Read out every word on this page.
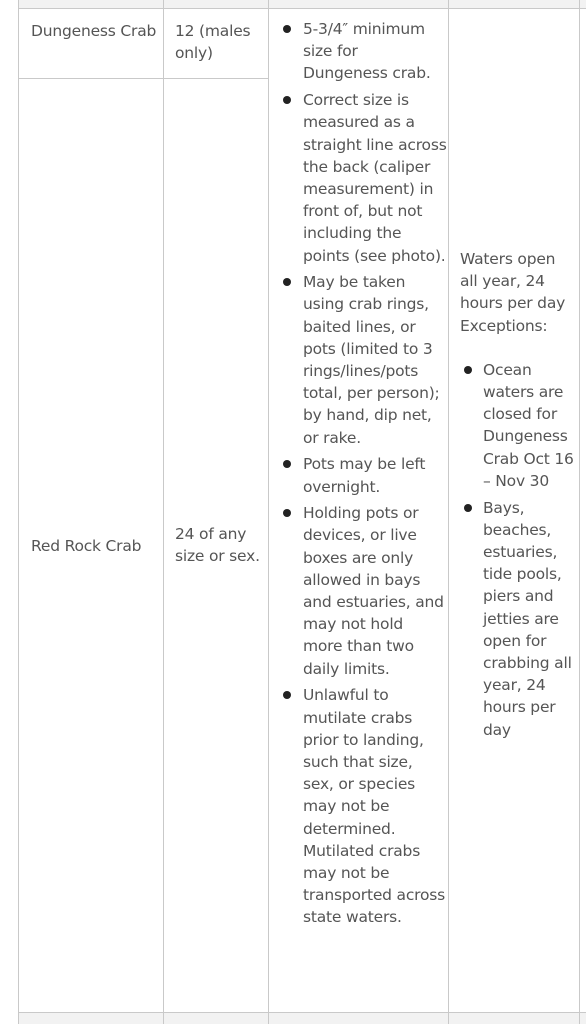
Dungeness Crab 12 (males only)
Red Rock Crab
24 of any size or sex.
5-3/4″ minimum size for Dungeness crab.
Correct size is measured as a straight line across the back (caliper measurement) in front of, but not including the points (see photo).
May be taken using crab rings, baited lines, or pots (limited to 3 rings/lines/pots total, per person); by hand, dip net, or rake.
Pots may be left overnight.
Holding pots or devices, or live boxes are only allowed in bays and estuaries, and may not hold more than two daily limits.
Unlawful to mutilate crabs prior to landing, such that size, sex, or species may not be determined. Mutilated crabs may not be transported across state waters.
Waters open all year, 24 hours per day Exceptions:
Ocean waters are closed for Dungeness Crab Oct 16 – Nov 30
Bays, beaches, estuaries, tide pools, piers and jetties are open for crabbing all year, 24 hours per day
